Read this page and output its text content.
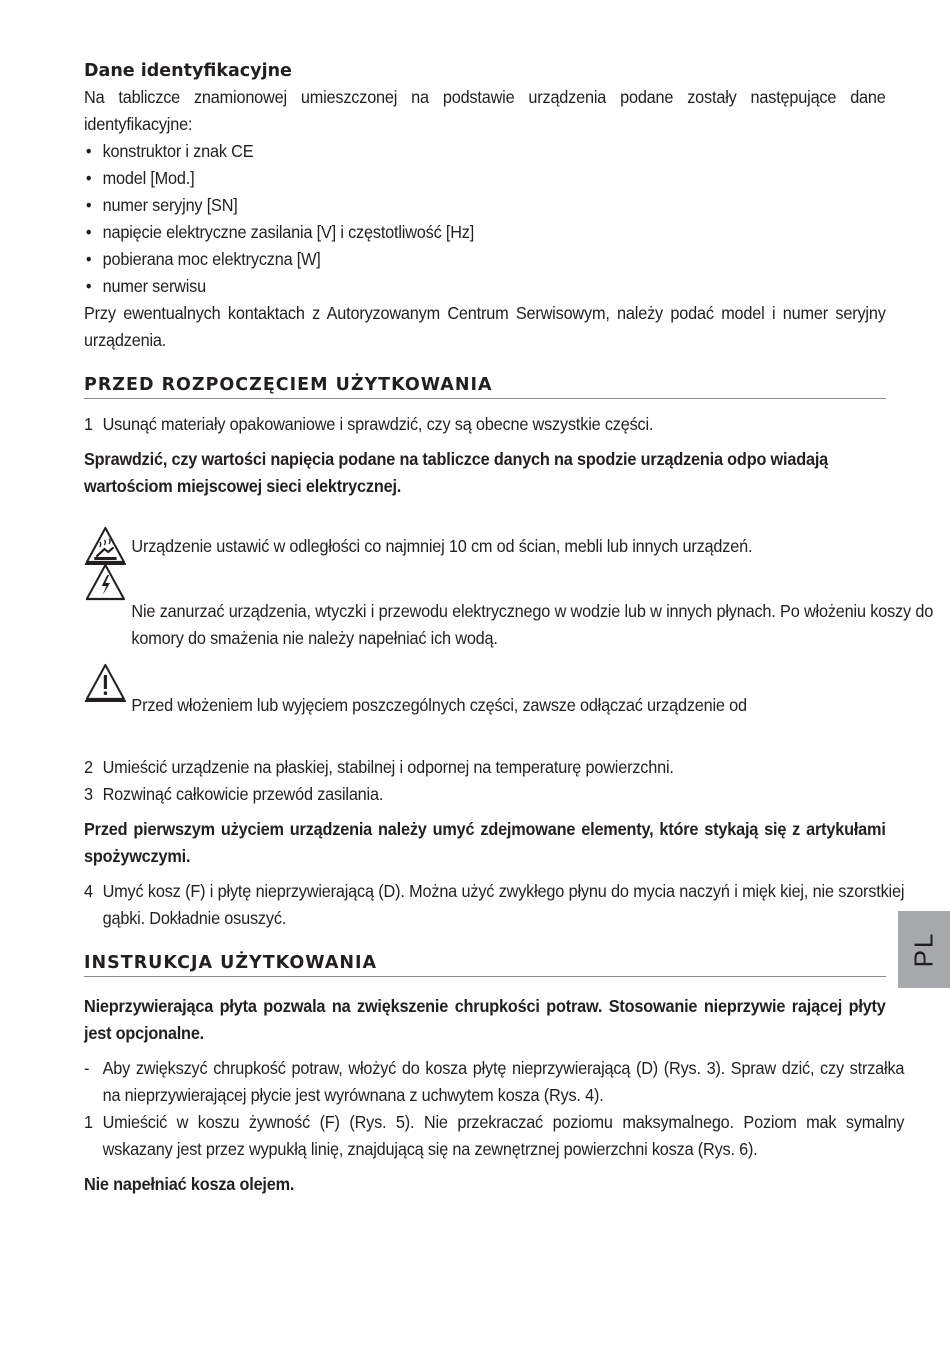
Dane identyfikacyjne
Na tabliczce znamionowej umieszczonej na podstawie urządzenia podane zostały następujące dane identyfikacyjne:
• konstruktor i znak CE
• model [Mod.]
• numer seryjny [SN]
• napięcie elektryczne zasilania [V] i częstotliwość [Hz]
• pobierana moc elektryczna [W]
• numer serwisu
Przy ewentualnych kontaktach z Autoryzowanym Centrum Serwisowym, należy podać model i numer seryjny urządzenia.
PRZED ROZPOCZĘCIEM UŻYTKOWANIA
1 Usunąć materiały opakowaniowe i sprawdzić, czy są obecne wszystkie części.
Sprawdzić, czy wartości napięcia podane na tabliczce danych na spodzie urządzenia odpo wiadają wartościom miejscowej sieci elektrycznej.
Urządzenie ustawić w odległości co najmniej 10 cm od ścian, mebli lub innych urządzeń.
Nie zanurzać urządzenia, wtyczki i przewodu elektrycznego w wodzie lub w innych płynach. Po włożeniu koszy do komory do smażenia nie należy napełniać ich wodą.
Przed włożeniem lub wyjęciem poszczególnych części, zawsze odłączać urządzenie od
2 Umieścić urządzenie na płaskiej, stabilnej i odpornej na temperaturę powierzchni.
3 Rozwinąć całkowicie przewód zasilania.
Przed pierwszym użyciem urządzenia należy umyć zdejmowane elementy, które stykają się z artykułami spożywczymi.
4 Umyć kosz (F) i płytę nieprzywierającą (D). Można użyć zwykłego płynu do mycia naczyń i mięk kiej, nie szorstkiej gąbki. Dokładnie osuszyć.
INSTRUKCJA UŻYTKOWANIA
Nieprzywierająca płyta pozwala na zwiększenie chrupkości potraw. Stosowanie nieprzywie rającej płyty jest opcjonalne.
- Aby zwiększyć chrupkość potraw, włożyć do kosza płytę nieprzywierającą (D) (Rys. 3). Spraw dzić, czy strzałka na nieprzywierającej płycie jest wyrównana z uchwytem kosza (Rys. 4).
1 Umieścić w koszu żywność (F) (Rys. 5). Nie przekraczać poziomu maksymalnego. Poziom mak symalny wskazany jest przez wypukłą linię, znajdującą się na zewnętrznej powierzchni kosza (Rys. 6).
Nie napełniać kosza olejem.
PL
